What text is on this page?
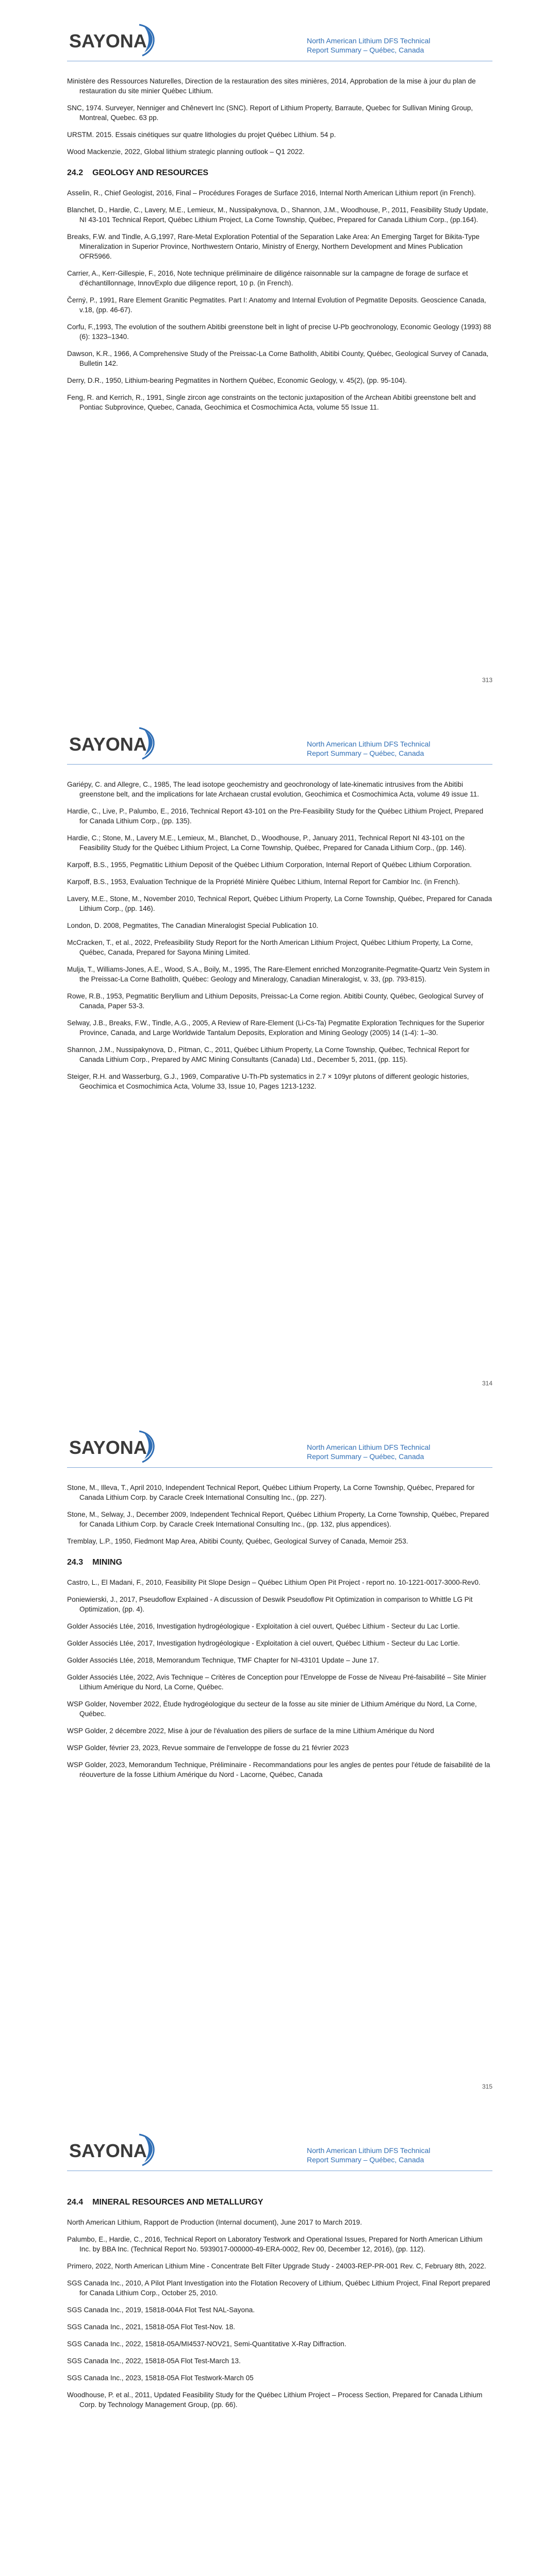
SAYONA	North American Lithium DFS Technical
Report Summary – Québec, Canada

Ministère des Ressources Naturelles, Direction de la restauration des sites minières, 2014, Approbation de la mise à jour du plan de restauration du site minier Québec Lithium.

SNC, 1974. Surveyer, Nenniger and Chênevert Inc (SNC). Report of Lithium Property, Barraute, Quebec for Sullivan Mining Group, Montreal, Quebec. 63 pp.

URSTM. 2015. Essais cinétiques sur quatre lithologies du projet Québec Lithium. 54 p.

Wood Mackenzie, 2022, Global lithium strategic planning outlook – Q1 2022.

24.2 GEOLOGY AND RESOURCES

Asselin, R., Chief Geologist, 2016, Final – Procédures Forages de Surface 2016, Internal North American Lithium report (in French).

Blanchet, D., Hardie, C., Lavery, M.E., Lemieux, M., Nussipakynova, D., Shannon, J.M., Woodhouse, P., 2011, Feasibility Study Update, NI 43-101 Technical Report, Québec Lithium Project, La Corne Township, Québec, Prepared for Canada Lithium Corp., (pp.164).

Breaks, F.W. and Tindle, A.G,1997, Rare-Metal Exploration Potential of the Separation Lake Area: An Emerging Target for Bikita-Type Mineralization in Superior Province, Northwestern Ontario, Ministry of Energy, Northern Development and Mines Publication OFR5966.

Carrier, A., Kerr-Gillespie, F., 2016, Note technique préliminaire de diligénce raisonnable sur la campagne de forage de surface et d'échantillonnage, InnovExplo due diligence report, 10 p. (in French).

Černý, P., 1991, Rare Element Granitic Pegmatites. Part I: Anatomy and Internal Evolution of Pegmatite Deposits. Geoscience Canada, v.18, (pp. 46-67).

Corfu, F.,1993, The evolution of the southern Abitibi greenstone belt in light of precise U-Pb geochronology, Economic Geology (1993) 88 (6): 1323–1340.

Dawson, K.R., 1966, A Comprehensive Study of the Preissac-La Corne Batholith, Abitibi County, Québec, Geological Survey of Canada, Bulletin 142.

Derry, D.R., 1950, Lithium-bearing Pegmatites in Northern Québec, Economic Geology, v. 45(2), (pp. 95-104).

Feng, R. and Kerrich, R., 1991, Single zircon age constraints on the tectonic juxtaposition of the Archean Abitibi greenstone belt and Pontiac Subprovince, Quebec, Canada, Geochimica et Cosmochimica Acta, volume 55 Issue 11.

313
SAYONA	North American Lithium DFS Technical
Report Summary – Québec, Canada

Gariépy, C. and Allegre, C., 1985, The lead isotope geochemistry and geochronology of late-kinematic intrusives from the Abitibi greenstone belt, and the implications for late Archaean crustal evolution, Geochimica et Cosmochimica Acta, volume 49 issue 11.

Hardie, C., Live, P., Palumbo, E., 2016, Technical Report 43-101 on the Pre-Feasibility Study for the Québec Lithium Project, Prepared for Canada Lithium Corp., (pp. 135).

Hardie, C.; Stone, M., Lavery M.E., Lemieux, M., Blanchet, D., Woodhouse, P., January 2011, Technical Report NI 43-101 on the Feasibility Study for the Québec Lithium Project, La Corne Township, Québec, Prepared for Canada Lithium Corp., (pp. 146).

Karpoff, B.S., 1955, Pegmatitic Lithium Deposit of the Québec Lithium Corporation, Internal Report of Québec Lithium Corporation.

Karpoff, B.S., 1953, Evaluation Technique de la Propriété Minière Québec Lithium, Internal Report for Cambior Inc. (in French).

Lavery, M.E., Stone, M., November 2010, Technical Report, Québec Lithium Property, La Corne Township, Québec, Prepared for Canada Lithium Corp., (pp. 146).

London, D. 2008, Pegmatites, The Canadian Mineralogist Special Publication 10.

McCracken, T., et al., 2022, Prefeasibility Study Report for the North American Lithium Project, Québec Lithium Property, La Corne, Québec, Canada, Prepared for Sayona Mining Limited.

Mulja, T., Williams-Jones, A.E., Wood, S.A., Boily, M., 1995, The Rare-Element enriched Monzogranite-Pegmatite-Quartz Vein System in the Preissac-La Corne Batholith, Québec: Geology and Mineralogy, Canadian Mineralogist, v. 33, (pp. 793-815).

Rowe, R.B., 1953, Pegmatitic Beryllium and Lithium Deposits, Preissac-La Corne region. Abitibi County, Québec, Geological Survey of Canada, Paper 53-3.

Selway, J.B., Breaks, F.W., Tindle, A.G., 2005, A Review of Rare-Element (Li-Cs-Ta) Pegmatite Exploration Techniques for the Superior Province, Canada, and Large Worldwide Tantalum Deposits, Exploration and Mining Geology (2005) 14 (1-4): 1–30.

Shannon, J.M., Nussipakynova, D., Pitman, C., 2011, Québec Lithium Property, La Corne Township, Québec, Technical Report for Canada Lithium Corp., Prepared by AMC Mining Consultants (Canada) Ltd., December 5, 2011, (pp. 115).

Steiger, R.H. and Wasserburg, G.J., 1969, Comparative U-Th-Pb systematics in 2.7 × 109yr plutons of different geologic histories, Geochimica et Cosmochimica Acta, Volume 33, Issue 10, Pages 1213-1232.

314
SAYONA	North American Lithium DFS Technical
Report Summary – Québec, Canada

Stone, M., Illeva, T., April 2010, Independent Technical Report, Québec Lithium Property, La Corne Township, Québec, Prepared for Canada Lithium Corp. by Caracle Creek International Consulting Inc., (pp. 227).

Stone, M., Selway, J., December 2009, Independent Technical Report, Québec Lithium Property, La Corne Township, Québec, Prepared for Canada Lithium Corp. by Caracle Creek International Consulting Inc., (pp. 132, plus appendices).

Tremblay, L.P., 1950, Fiedmont Map Area, Abitibi County, Québec, Geological Survey of Canada, Memoir 253.

24.3 MINING

Castro, L., El Madani, F., 2010, Feasibility Pit Slope Design – Québec Lithium Open Pit Project - report no. 10-1221-0017-3000-Rev0.

Poniewierski, J., 2017, Pseudoflow Explained - A discussion of Deswik Pseudoflow Pit Optimization in comparison to Whittle LG Pit Optimization, (pp. 4).

Golder Associés Ltée, 2016, Investigation hydrogéologique - Exploitation à ciel ouvert, Québec Lithium - Secteur du Lac Lortie.

Golder Associés Ltée, 2017, Investigation hydrogéologique - Exploitation à ciel ouvert, Québec Lithium - Secteur du Lac Lortie.

Golder Associés Ltée, 2018, Memorandum Technique, TMF Chapter for NI-43101 Update – June 17.

Golder Associés Ltée, 2022, Avis Technique – Critères de Conception pour l'Enveloppe de Fosse de Niveau Pré-faisabilité – Site Minier Lithium Amérique du Nord, La Corne, Québec.

WSP Golder, November 2022, Étude hydrogéologique du secteur de la fosse au site minier de Lithium Amérique du Nord, La Corne, Québec.

WSP Golder, 2 décembre 2022, Mise à jour de l'évaluation des piliers de surface de la mine Lithium Amérique du Nord

WSP Golder, février 23, 2023, Revue sommaire de l'enveloppe de fosse du 21 février 2023

WSP Golder, 2023, Memorandum Technique, Préliminaire - Recommandations pour les angles de pentes pour l'étude de faisabilité de la réouverture de la fosse Lithium Amérique du Nord - Lacorne, Québec, Canada

315
SAYONA	North American Lithium DFS Technical
Report Summary – Québec, Canada
24.4 MINERAL RESOURCES AND METALLURGY

North American Lithium, Rapport de Production (Internal document), June 2017 to March 2019.

Palumbo, E., Hardie, C., 2016, Technical Report on Laboratory Testwork and Operational Issues, Prepared for North American Lithium Inc. by BBA Inc. (Technical Report No. 5939017-000000-49-ERA-0002, Rev 00, December 12, 2016), (pp. 112).

Primero, 2022, North American Lithium Mine - Concentrate Belt Filter Upgrade Study - 24003-REP-PR-001 Rev. C, February 8th, 2022.

SGS Canada Inc., 2010, A Pilot Plant Investigation into the Flotation Recovery of Lithium, Québec Lithium Project, Final Report prepared for Canada Lithium Corp., October 25, 2010.

SGS Canada Inc., 2019, 15818-004A Flot Test NAL-Sayona.

SGS Canada Inc., 2021, 15818-05A Flot Test-Nov. 18.

SGS Canada Inc., 2022, 15818-05A/MI4537-NOV21, Semi-Quantitative X-Ray Diffraction.

SGS Canada Inc., 2022, 15818-05A Flot Test-March 13.

SGS Canada Inc., 2023, 15818-05A Flot Testwork-March 05

Woodhouse, P. et al., 2011, Updated Feasibility Study for the Québec Lithium Project – Process Section, Prepared for Canada Lithium Corp. by Technology Management Group, (pp. 66).
